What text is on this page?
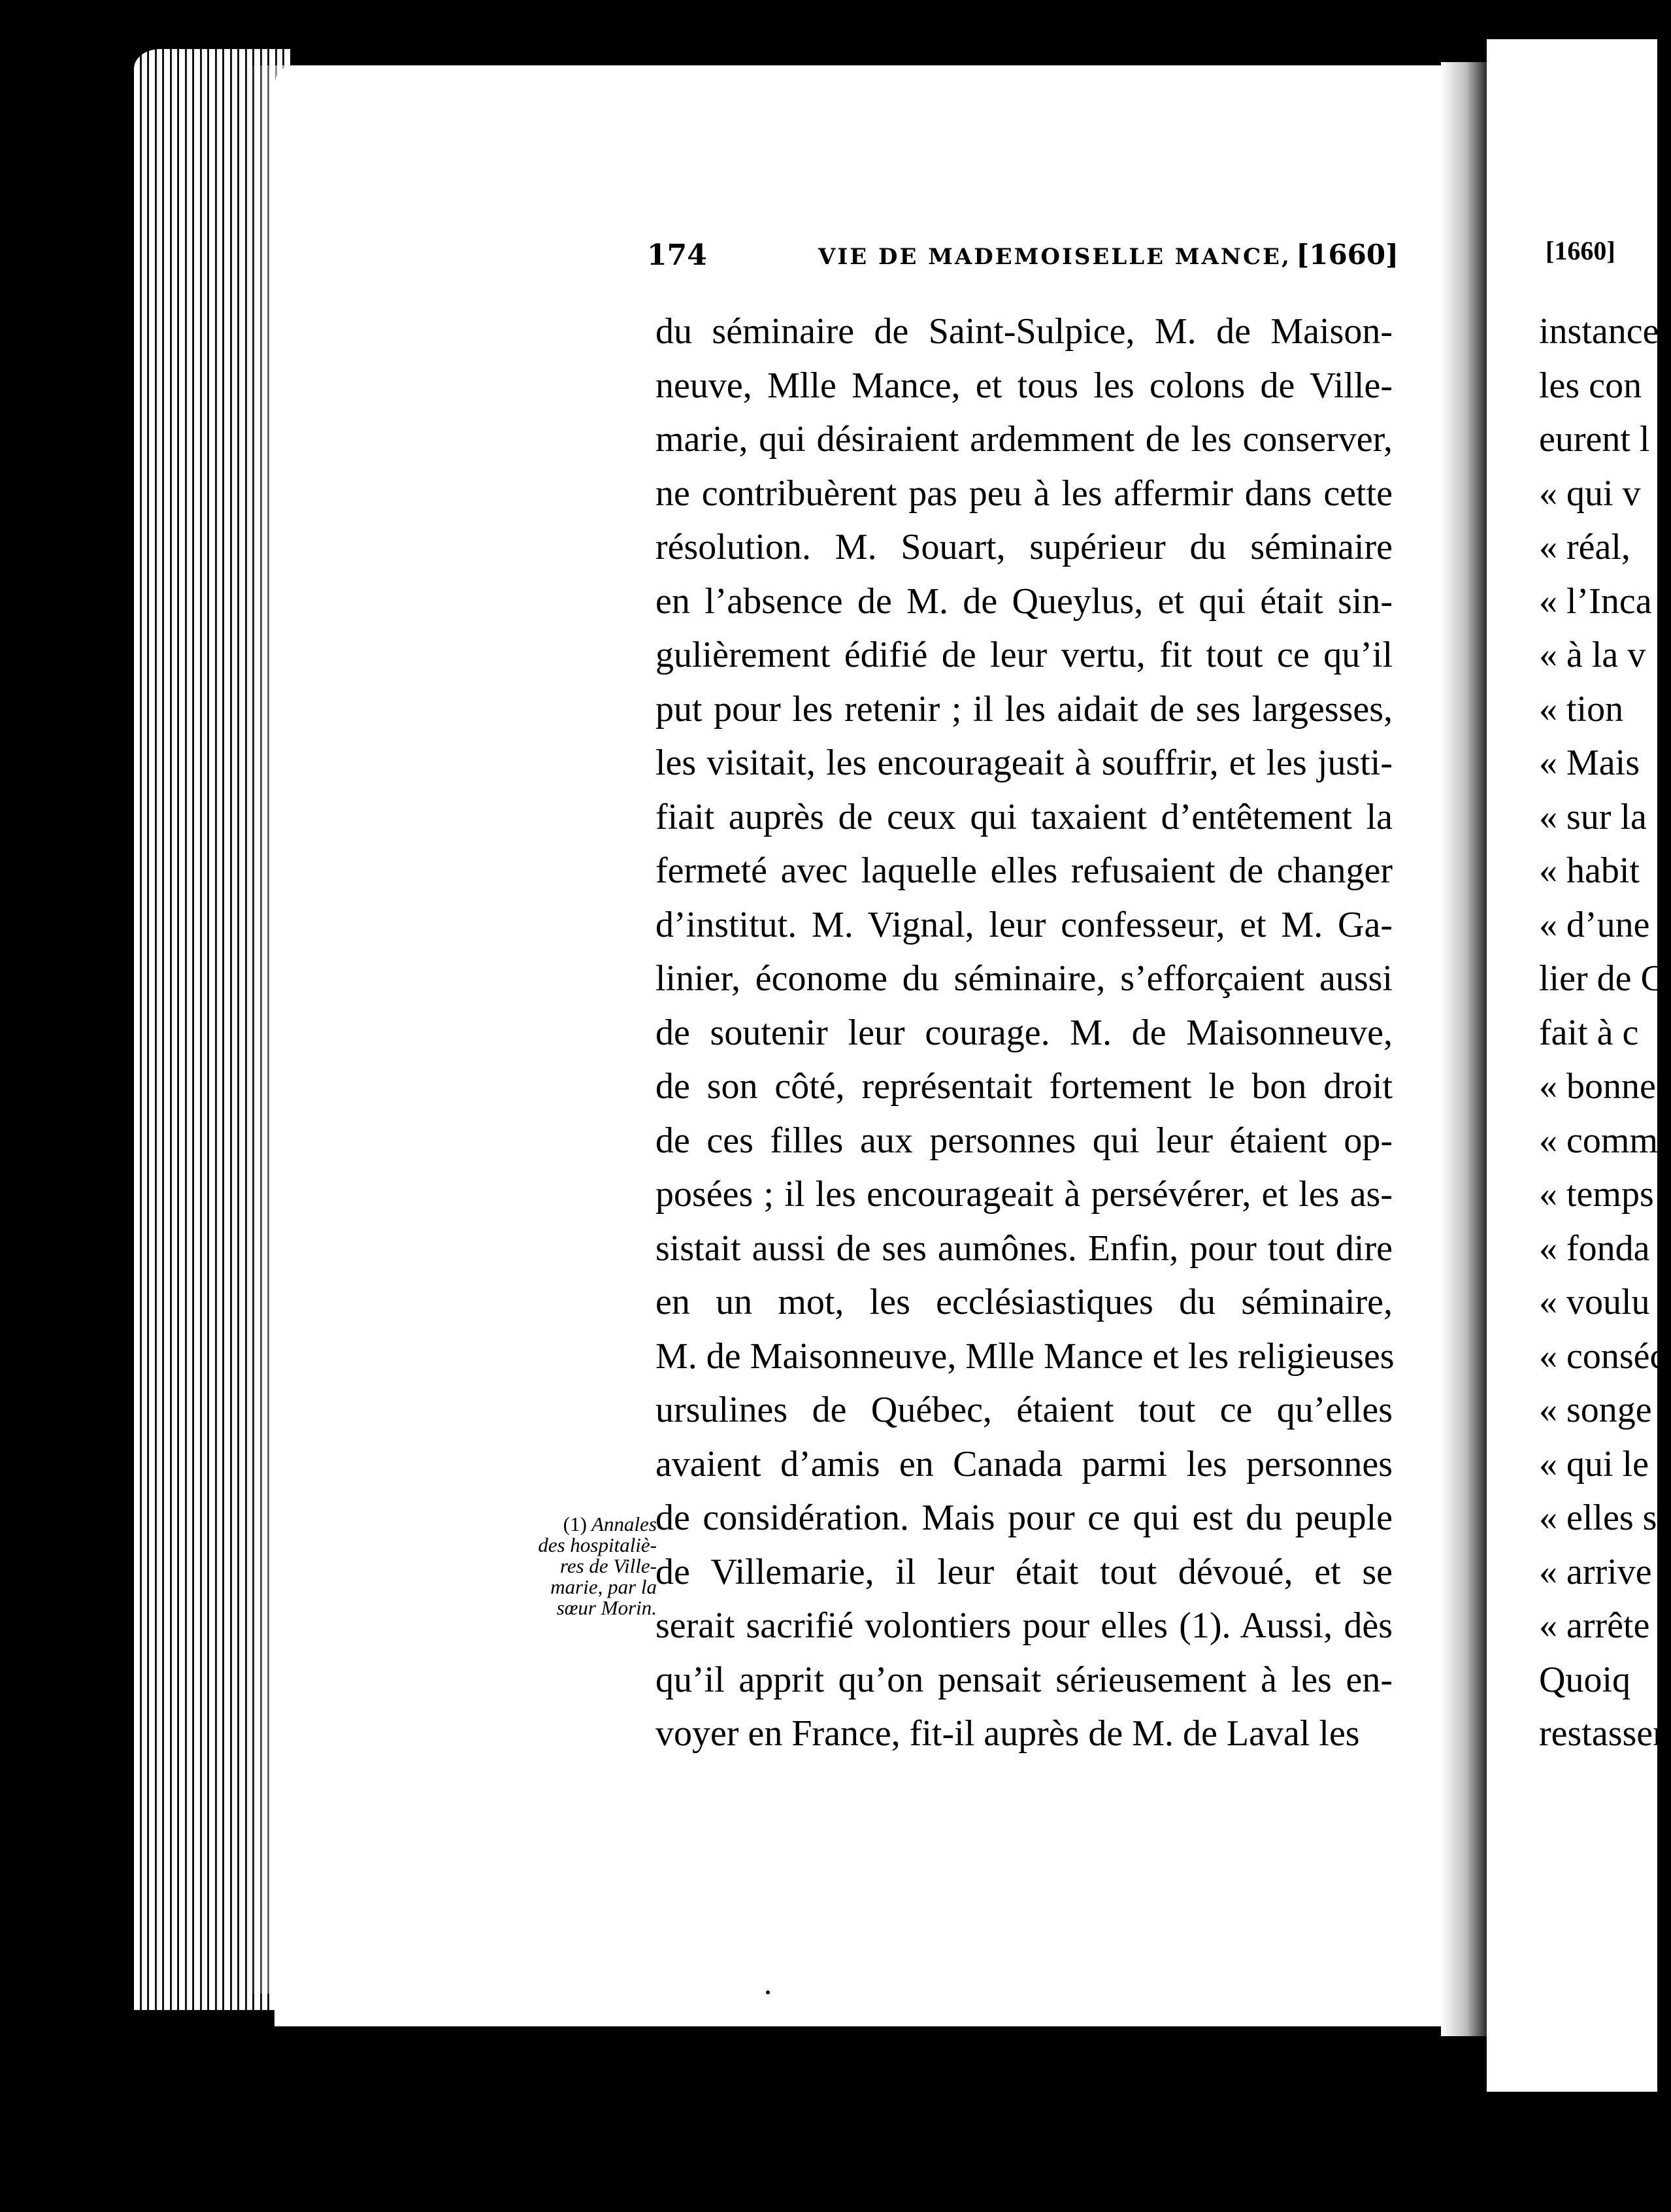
174	VIE DE MADEMOISELLE MANCE, [1660]
du séminaire de Saint-Sulpice, M. de Maison-
neuve, Mlle Mance, et tous les colons de Ville-
marie, qui désiraient ardemment de les conserver,
ne contribuèrent pas peu à les affermir dans cette
résolution. M. Souart, supérieur du séminaire
en l’absence de M. de Queylus, et qui était sin-
gulièrement édifié de leur vertu, fit tout ce qu’il
put pour les retenir ; il les aidait de ses largesses,
les visitait, les encourageait à souffrir, et les justi-
fiait auprès de ceux qui taxaient d’entêtement la
fermeté avec laquelle elles refusaient de changer
d’institut. M. Vignal, leur confesseur, et M. Ga-
linier, économe du séminaire, s’efforçaient aussi
de soutenir leur courage. M. de Maisonneuve,
de son côté, représentait fortement le bon droit
de ces filles aux personnes qui leur étaient op-
posées ; il les encourageait à persévérer, et les as-
sistait aussi de ses aumônes. Enfin, pour tout dire
en un mot, les ecclésiastiques du séminaire,
M. de Maisonneuve, Mlle Mance et les religieuses
ursulines de Québec, étaient tout ce qu’elles
avaient d’amis en Canada parmi les personnes
de considération. Mais pour ce qui est du peuple
de Villemarie, il leur était tout dévoué, et se
serait sacrifié volontiers pour elles (1). Aussi, dès
qu’il apprit qu’on pensait sérieusement à les en-
voyer en France, fit-il auprès de M. de Laval les
(1) Annales
des hospitaliè-
res de Ville-
marie, par la
sœur Morin.
[1660]
instance
les con
eurent l
« qui v
« réal,
« l’Inca
« à la v
« tion
« Mais
« sur la
« habit
« d’une
lier de C
fait à c
« bonne
« comm
« temps
« fonda
« voulu
« conséc
« songe
« qui le
« elles s
« arrive
« arrête
Quoiq
restassen
